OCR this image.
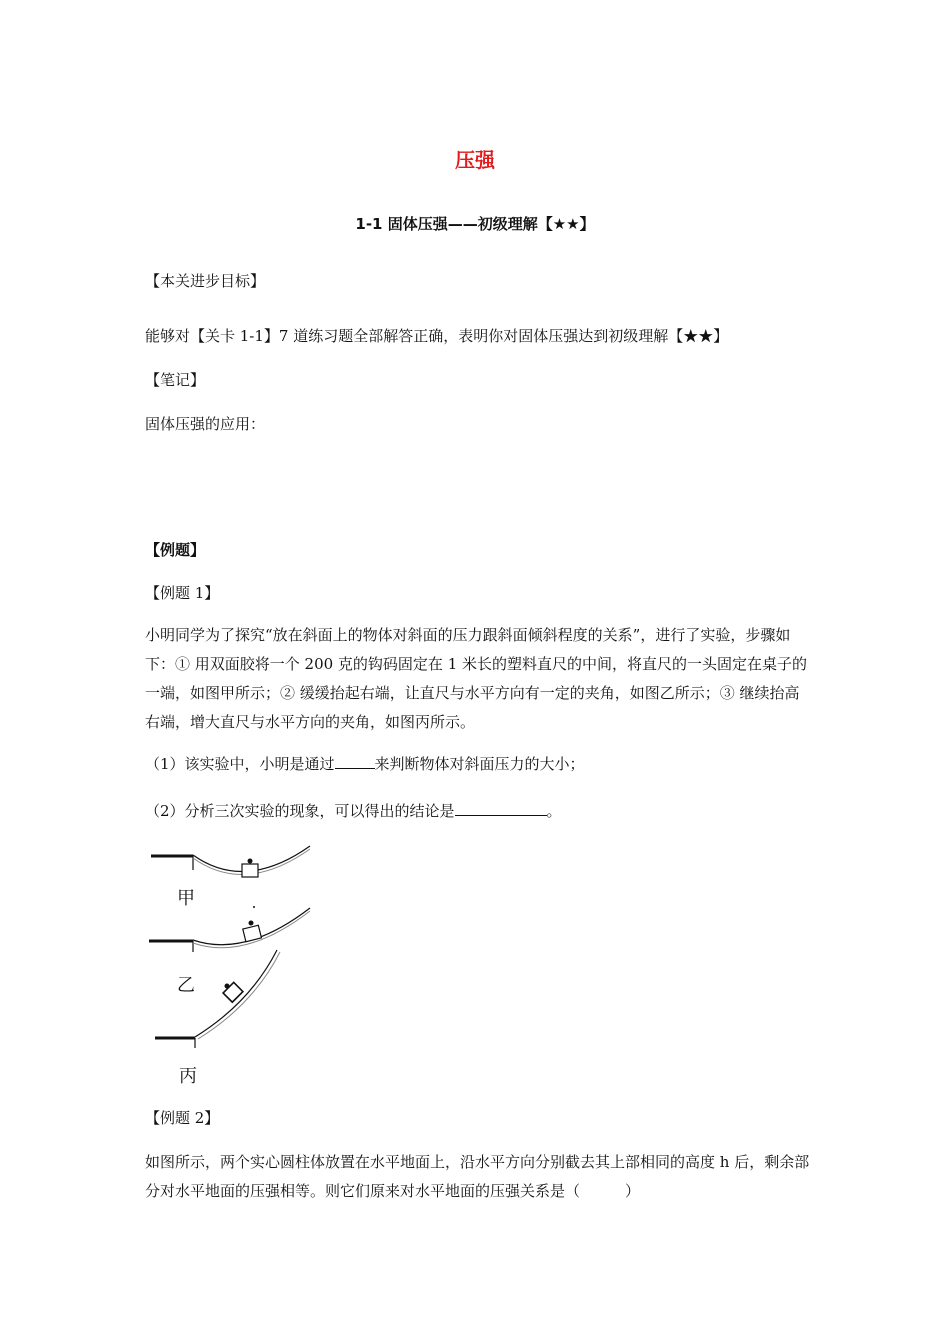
压强
1-1 固体压强——初级理解【★★】
【本关进步目标】
能够对【关卡 1-1】7 道练习题全部解答正确，表明你对固体压强达到初级理解【★★】
【笔记】
固体压强的应用：
【例题】
【例题 1】
小明同学为了探究“放在斜面上的物体对斜面的压力跟斜面倾斜程度的关系”，进行了实验，步骤如下：① 用双面胶将一个 200 克的钩码固定在 1 米长的塑料直尺的中间，将直尺的一头固定在桌子的一端，如图甲所示；② 缓缓抬起右端，让直尺与水平方向有一定的夹角，如图乙所示；③ 继续抬高右端，增大直尺与水平方向的夹角，如图丙所示。
（1）该实验中，小明是通过	来判断物体对斜面压力的大小；
（2）分析三次实验的现象，可以得出的结论是	。
甲
乙
丙
【例题 2】
如图所示，两个实心圆柱体放置在水平地面上，沿水平方向分别截去其上部相同的高度 h 后，剩余部分对水平地面的压强相等。则它们原来对水平地面的压强关系是（　　　）
